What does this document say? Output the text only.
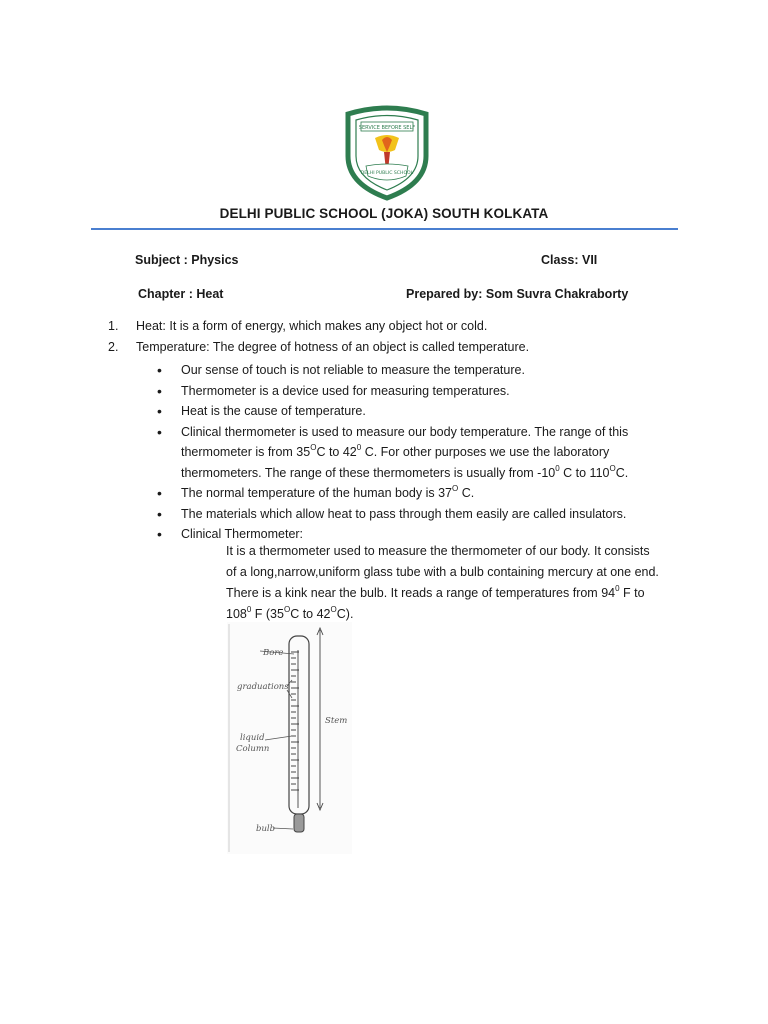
SERVICE BEFORE SELF
DELHI PUBLIC SCHOOL
DELHI PUBLIC SCHOOL (JOKA) SOUTH KOLKATA
Subject : Physics	Class: VII
Chapter : Heat	Prepared by: Som Suvra Chakraborty
1.	Heat: It is a form of energy, which makes any object hot or cold.
2.	Temperature: The degree of hotness of an object is called temperature.
•	Our sense of touch is not reliable to measure the temperature.
•	Thermometer is a device used for measuring temperatures.
•	Heat is the cause of temperature.
•	Clinical thermometer is used to measure our body temperature. The range of this thermometer is from $35^OC$ to $42^0$ C. For other purposes we use the laboratory thermometers. The range of these thermometers is usually from $-10^0$ C to $110^OC$.
•	The normal temperature of the human body is $37^O$ C.
•	The materials which allow heat to pass through them easily are called insulators.
•	Clinical Thermometer:
It is a thermometer used to measure the thermometer of our body. It consists of a long,narrow,uniform glass tube with a bulb containing mercury at one end. There is a kink near the bulb. It reads a range of temperatures from $94^0$ F to $108^0$ F ($35^OC$ to $42^OC$).
Bore
graduations
liquid
Column
Stem
bulb
